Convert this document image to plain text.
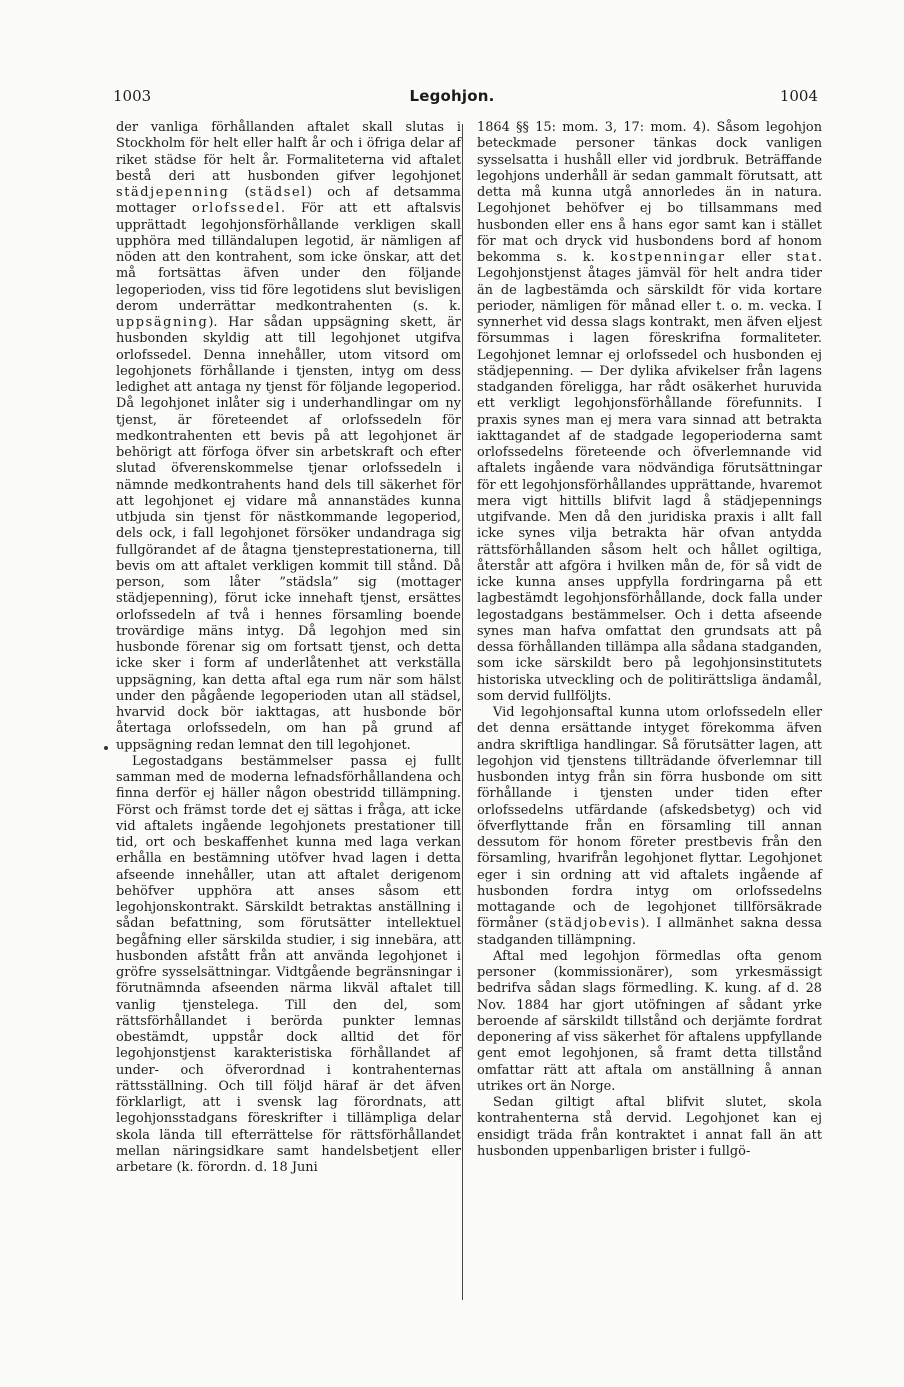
1003	Legohjon.	1004

der vanliga förhållanden aftalet skall slutas i Stockholm för helt eller halft år och i öfriga delar af riket städse för helt år. Formaliteterna vid aftalet bestå deri att husbonden gifver legohjonet städjepenning (städsel) och af detsamma mottager orlofssedel. För att ett aftalsvis upprättadt legohjonsförhållande verkligen skall upphöra med tilländalupen legotid, är nämligen af nöden att den kontrahent, som icke önskar, att det må fortsättas äfven under den följande legoperioden, viss tid före legotidens slut bevisligen derom underrättar medkontrahenten (s. k. uppsägning). Har sådan uppsägning skett, är husbonden skyldig att till legohjonet utgifva orlofssedel. Denna innehåller, utom vitsord om legohjonets förhållande i tjensten, intyg om dess ledighet att antaga ny tjenst för följande legoperiod. Då legohjonet inlåter sig i underhandlingar om ny tjenst, är företeendet af orlofssedeln för medkontrahenten ett bevis på att legohjonet är behörigt att förfoga öfver sin arbetskraft och efter slutad öfverenskommelse tjenar orlofssedeln i nämnde medkontrahents hand dels till säkerhet för att legohjonet ej vidare må annanstädes kunna utbjuda sin tjenst för nästkommande legoperiod, dels ock, i fall legohjonet försöker undandraga sig fullgörandet af de åtagna tjensteprestationerna, till bevis om att aftalet verkligen kommit till stånd. Då person, som låter ”städsla” sig (mottager städjepenning), förut icke innehaft tjenst, ersättes orlofssedeln af två i hennes församling boende trovärdige mäns intyg. Då legohjon med sin husbonde förenar sig om fortsatt tjenst, och detta icke sker i form af underlåtenhet att verkställa uppsägning, kan detta aftal ega rum när som hälst under den pågående legoperioden utan all städsel, hvarvid dock bör iakttagas, att husbonde bör återtaga orlofssedeln, om han på grund af uppsägning redan lemnat den till legohjonet.

Legostadgans bestämmelser passa ej fullt samman med de moderna lefnadsförhållandena och finna derför ej häller någon obestridd tillämpning. Först och främst torde det ej sättas i fråga, att icke vid aftalets ingående legohjonets prestationer till tid, ort och beskaffenhet kunna med laga verkan erhålla en bestämning utöfver hvad lagen i detta afseende innehåller, utan att aftalet derigenom behöfver upphöra att anses såsom ett legohjonskontrakt. Särskildt betraktas anställning i sådan befattning, som förutsätter intellektuel begåfning eller särskilda studier, i sig innebära, att husbonden afstått från att använda legohjonet i gröfre sysselsättningar. Vidtgående begränsningar i förutnämnda afseenden närma likväl aftalet till vanlig tjenstelega. Till den del, som rättsförhållandet i berörda punkter lemnas obestämdt, uppstår dock alltid det för legohjonstjenst karakteristiska förhållandet af under- och öfverordnad i kontrahenternas rättsställning. Och till följd häraf är det äfven förklarligt, att i svensk lag förordnats, att legohjonsstadgans föreskrifter i tillämpliga delar skola lända till efterrättelse för rättsförhållandet mellan näringsidkare samt handelsbetjent eller arbetare (k. förordn. d. 18 Juni

1864 §§ 15: mom. 3, 17: mom. 4). Såsom legohjon beteckmade personer tänkas dock vanligen sysselsatta i hushåll eller vid jordbruk. Beträffande legohjons underhåll är sedan gammalt förutsatt, att detta må kunna utgå annorledes än in natura. Legohjonet behöfver ej bo tillsammans med husbonden eller ens å hans egor samt kan i stället för mat och dryck vid husbondens bord af honom bekomma s. k. kostpenningar eller stat. Legohjonstjenst åtages jämväl för helt andra tider än de lagbestämda och särskildt för vida kortare perioder, nämligen för månad eller t. o. m. vecka. I synnerhet vid dessa slags kontrakt, men äfven eljest försummas i lagen föreskrifna formaliteter. Legohjonet lemnar ej orlofssedel och husbonden ej städjepenning. — Der dylika afvikelser från lagens stadganden föreligga, har rådt osäkerhet huruvida ett verkligt legohjonsförhållande förefunnits. I praxis synes man ej mera vara sinnad att betrakta iakttagandet af de stadgade legoperioderna samt orlofssedelns företeende och öfverlemnande vid aftalets ingående vara nödvändiga förutsättningar för ett legohjonsförhållandes upprättande, hvaremot mera vigt hittills blifvit lagd å städjepennings utgifvande. Men då den juridiska praxis i allt fall icke synes vilja betrakta här ofvan antydda rättsförhållanden såsom helt och hållet ogiltiga, återstår att afgöra i hvilken mån de, för så vidt de icke kunna anses uppfylla fordringarna på ett lagbestämdt legohjonsförhållande, dock falla under legostadgans bestämmelser. Och i detta afseende synes man hafva omfattat den grundsats att på dessa förhållanden tillämpa alla sådana stadganden, som icke särskildt bero på legohjonsinstitutets historiska utveckling och de politirättsliga ändamål, som dervid fullföljts.

Vid legohjonsaftal kunna utom orlofssedeln eller det denna ersättande intyget förekomma äfven andra skriftliga handlingar. Så förutsätter lagen, att legohjon vid tjenstens tillträdande öfverlemnar till husbonden intyg från sin förra husbonde om sitt förhållande i tjensten under tiden efter orlofssedelns utfärdande (afskedsbetyg) och vid öfverflyttande från en församling till annan dessutom för honom företer prestbevis från den församling, hvarifrån legohjonet flyttar. Legohjonet eger i sin ordning att vid aftalets ingående af husbonden fordra intyg om orlofssedelns mottagande och de legohjonet tillförsäkrade förmåner (städjobevis). I allmänhet sakna dessa stadganden tillämpning.

Aftal med legohjon förmedlas ofta genom personer (kommissionärer), som yrkesmässigt bedrifva sådan slags förmedling. K. kung. af d. 28 Nov. 1884 har gjort utöfningen af sådant yrke beroende af särskildt tillstånd och derjämte fordrat deponering af viss säkerhet för aftalens uppfyllande gent emot legohjonen, så framt detta tillstånd omfattar rätt att aftala om anställning å annan utrikes ort än Norge.

Sedan giltigt aftal blifvit slutet, skola kontrahenterna stå dervid. Legohjonet kan ej ensidigt träda från kontraktet i annat fall än att husbonden uppenbarligen brister i fullgö-
